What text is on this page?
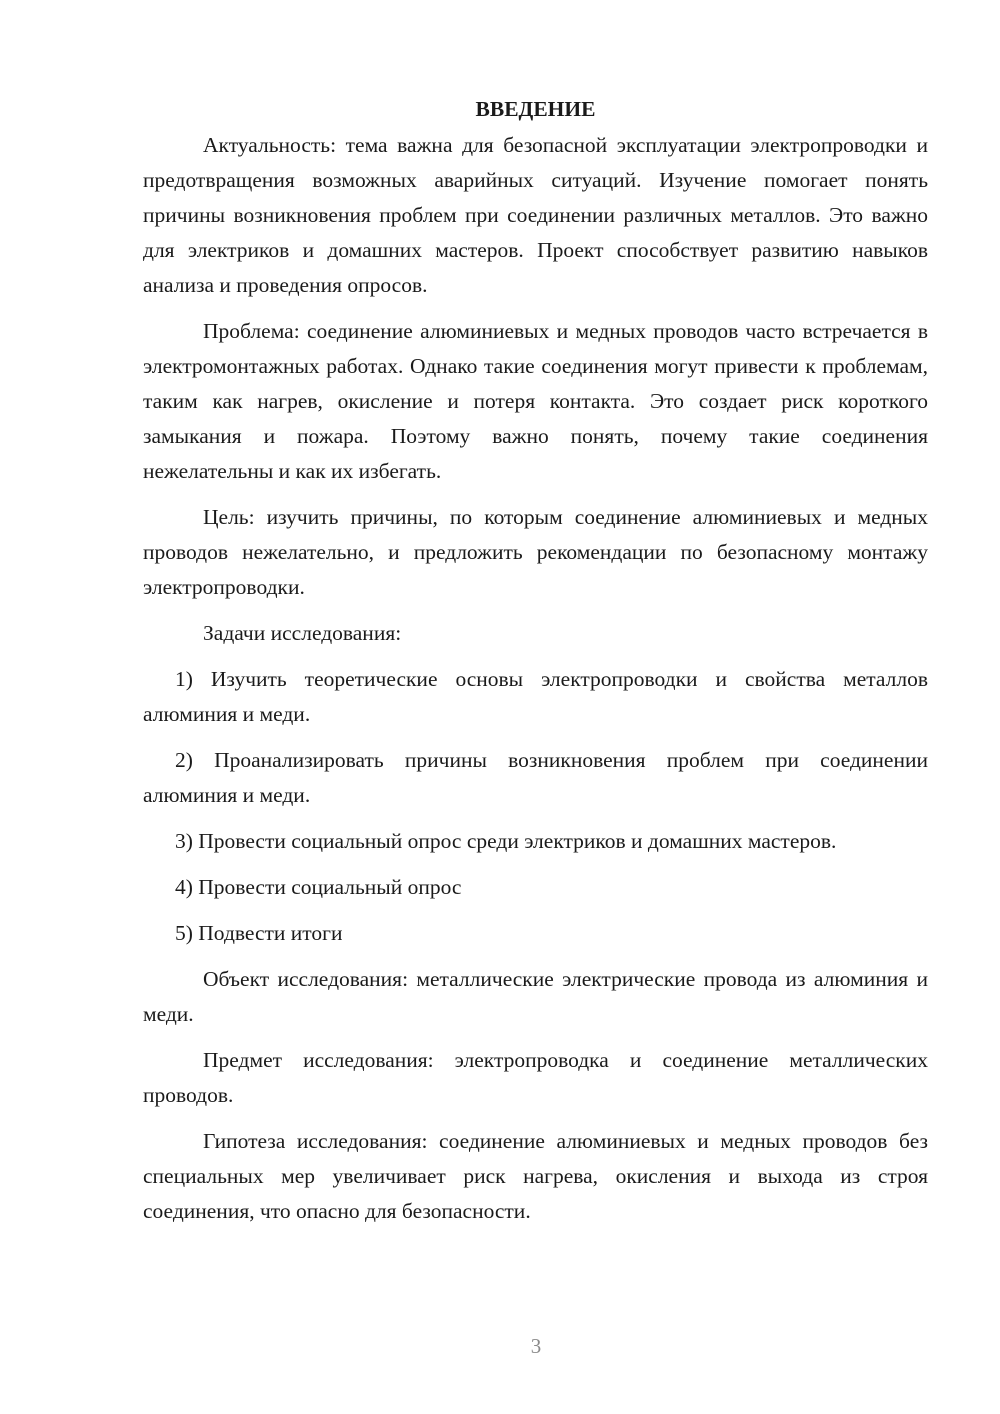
ВВЕДЕНИЕ

Актуальность: тема важна для безопасной эксплуатации электропроводки и предотвращения возможных аварийных ситуаций. Изучение помогает понять причины возникновения проблем при соединении различных металлов. Это важно для электриков и домашних мастеров. Проект способствует развитию навыков анализа и проведения опросов.

Проблема: соединение алюминиевых и медных проводов часто встречается в электромонтажных работах. Однако такие соединения могут привести к проблемам, таким как нагрев, окисление и потеря контакта. Это создает риск короткого замыкания и пожара. Поэтому важно понять, почему такие соединения нежелательны и как их избегать.

Цель: изучить причины, по которым соединение алюминиевых и медных проводов нежелательно, и предложить рекомендации по безопасному монтажу электропроводки.

Задачи исследования:

1) Изучить теоретические основы электропроводки и свойства металлов алюминия и меди.

2) Проанализировать причины возникновения проблем при соединении алюминия и меди.

3) Провести социальный опрос среди электриков и домашних мастеров.

4) Провести социальный опрос

5) Подвести итоги

Объект исследования: металлические электрические провода из алюминия и меди.

Предмет исследования: электропроводка и соединение металлических проводов.

Гипотеза исследования: соединение алюминиевых и медных проводов без специальных мер увеличивает риск нагрева, окисления и выхода из строя соединения, что опасно для безопасности.

3
